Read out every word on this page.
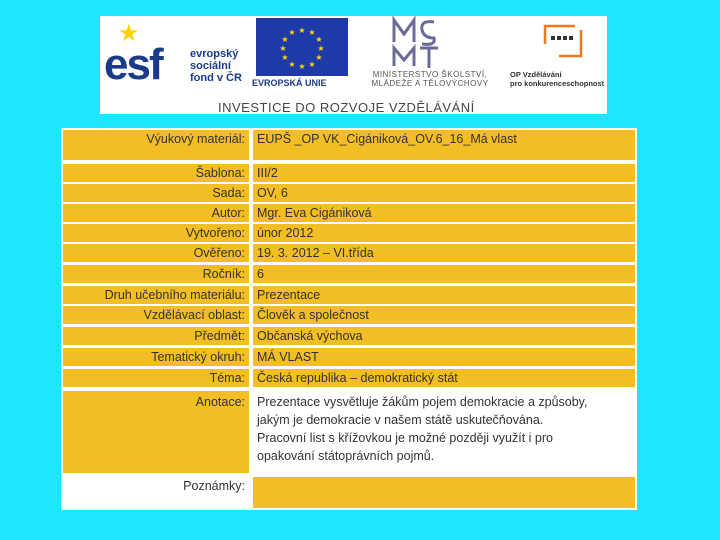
★
esf	evropský
sociální
fond v ČR
★ ★
★
★
★
★
★
★
★
★
★
★
EVROPSKÁ UNIE
MINISTERSTVO ŠKOLSTVÍ,
MLÁDEŽE A TĚLOVÝCHOVY
OP Vzdělávání
pro konkurenceschopnost
INVESTICE DO ROZVOJE VZDĚLÁVÁNÍ
Výukový materiál: EUPŠ _OP VK_Cigániková_OV.6_16_Má vlast
Šablona: III/2
Sada: OV, 6
Autor: Mgr. Eva Cigániková
Vytvořeno: únor 2012
Ověřeno: 19. 3. 2012 – VI.třída
Ročník: 6
Druh učebního materiálu: Prezentace
Vzdělávací oblast: Člověk a společnost
Předmět: Občanská výchova
Tematický okruh: MÁ VLAST
Téma: Česká republika – demokratický stát
Anotace: Prezentace vysvětluje žákům pojem demokracie a způsoby,
jakým je demokracie v našem státě uskutečňována.
Pracovní list s křížovkou je možné později využít i pro
opakování státoprávních pojmů.
Poznámky:
